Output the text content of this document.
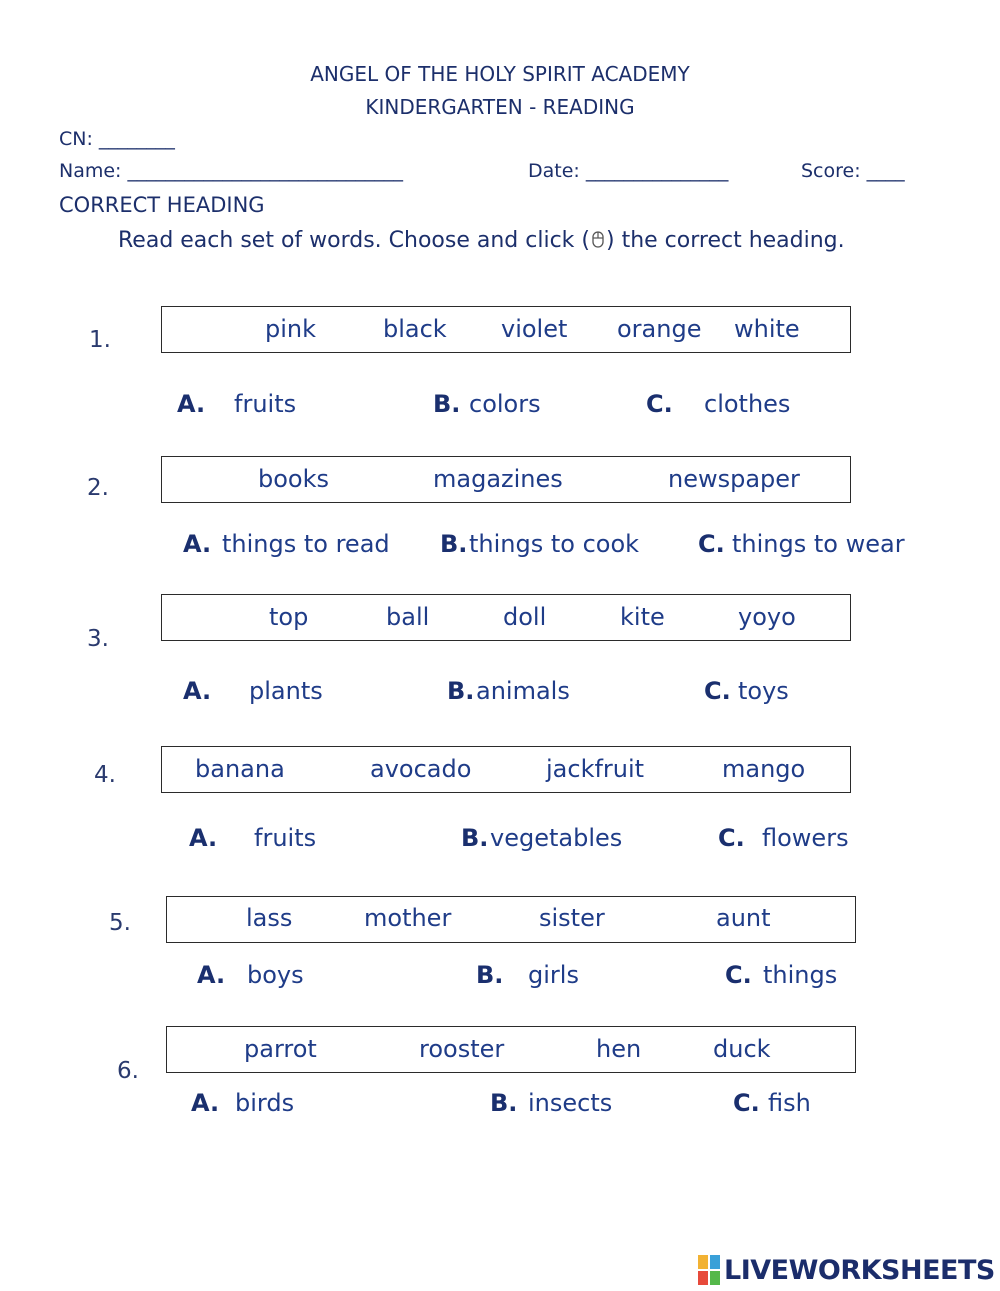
ANGEL OF THE HOLY SPIRIT ACADEMY
KINDERGARTEN - READING
CN: ________
Name: _____________________________	Date: _______________	Score: ____
CORRECT HEADING
Read each set of words. Choose and click ( ) the correct heading.
1.	pink	black violet orange white
A. fruits	B. colors	C. clothes
2.	books	magazines	newspaper
A. things to read B. things to cook C. things to wear
3.
top	ball	doll	kite	yoyo
A. plants	B. animals	C. toys
4.	banana	avocado	jackfruit	mango
A. fruits	B. vegetables	C. flowers
5.	lass	mother	sister	aunt
A. boys	B. girls	C. things
6.
parrot	rooster	hen	duck
A. birds	B. insects	C. fish
LIVEWORKSHEETS
